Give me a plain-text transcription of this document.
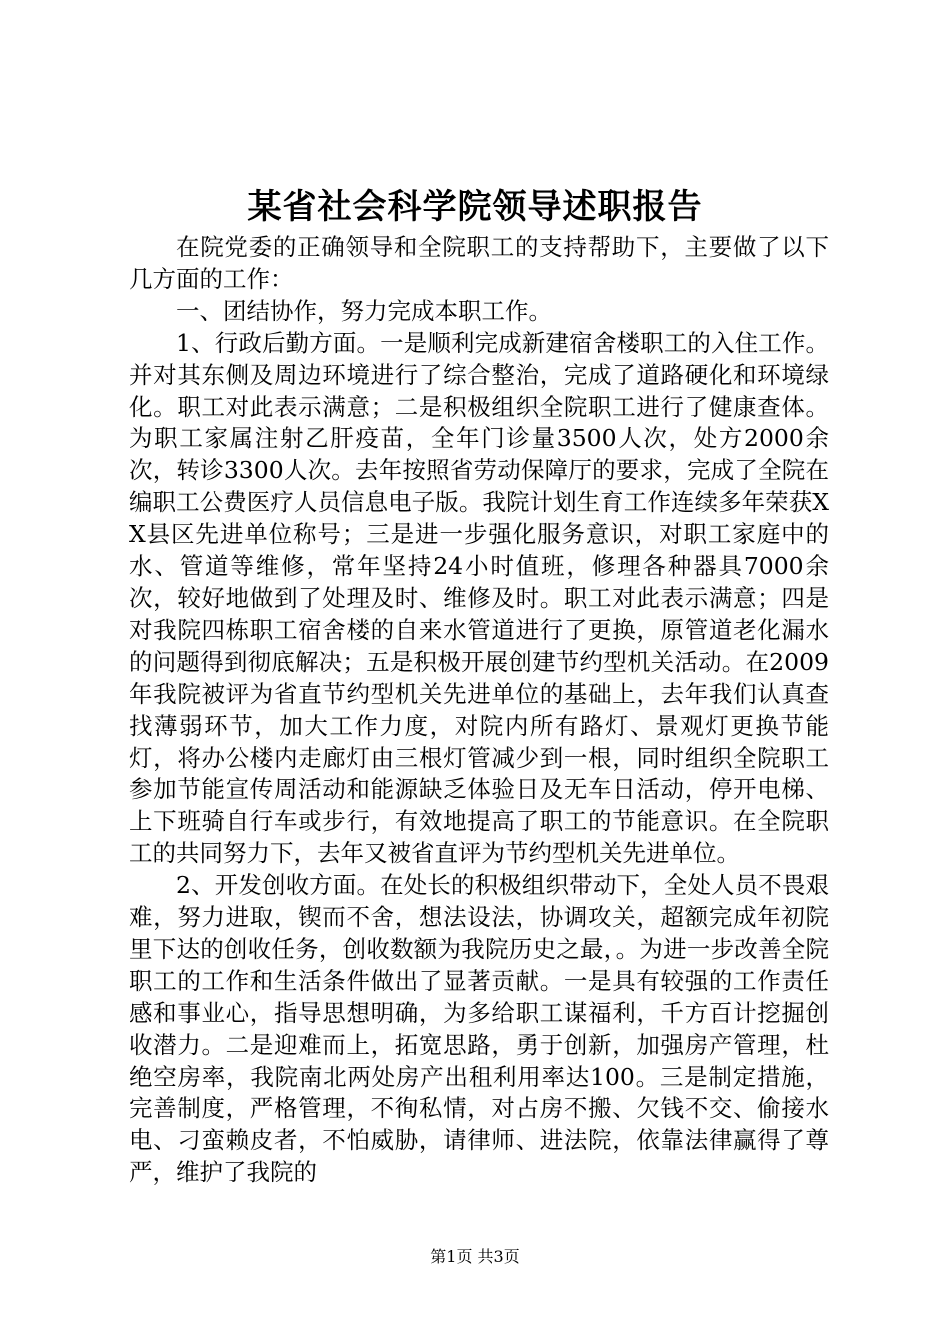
某省社会科学院领导述职报告

在院党委的正确领导和全院职工的支持帮助下，主要做了以下几方面的工作：

一、团结协作，努力完成本职工作。

1、行政后勤方面。一是顺利完成新建宿舍楼职工的入住工作。并对其东侧及周边环境进行了综合整治，完成了道路硬化和环境绿化。职工对此表示满意；二是积极组织全院职工进行了健康查体。为职工家属注射乙肝疫苗，全年门诊量3500人次，处方2000余次，转诊3300人次。去年按照省劳动保障厅的要求，完成了全院在编职工公费医疗人员信息电子版。我院计划生育工作连续多年荣获XX县区先进单位称号；三是进一步强化服务意识，对职工家庭中的水、管道等维修，常年坚持24小时值班，修理各种器具7000余次，较好地做到了处理及时、维修及时。职工对此表示满意；四是对我院四栋职工宿舍楼的自来水管道进行了更换，原管道老化漏水的问题得到彻底解决；五是积极开展创建节约型机关活动。在2009年我院被评为省直节约型机关先进单位的基础上，去年我们认真查找薄弱环节，加大工作力度，对院内所有路灯、景观灯更换节能灯，将办公楼内走廊灯由三根灯管减少到一根，同时组织全院职工参加节能宣传周活动和能源缺乏体验日及无车日活动，停开电梯、上下班骑自行车或步行，有效地提高了职工的节能意识。在全院职工的共同努力下，去年又被省直评为节约型机关先进单位。

2、开发创收方面。在处长的积极组织带动下，全处人员不畏艰难，努力进取，锲而不舍，想法设法，协调攻关，超额完成年初院里下达的创收任务，创收数额为我院历史之最，。为进一步改善全院职工的工作和生活条件做出了显著贡献。一是具有较强的工作责任感和事业心，指导思想明确，为多给职工谋福利，千方百计挖掘创收潜力。二是迎难而上，拓宽思路，勇于创新，加强房产管理，杜绝空房率，我院南北两处房产出租利用率达100。三是制定措施，完善制度，严格管理，不徇私情，对占房不搬、欠钱不交、偷接水电、刁蛮赖皮者，不怕威胁，请律师、进法院，依靠法律赢得了尊严，维护了我院的

第1页 共3页
